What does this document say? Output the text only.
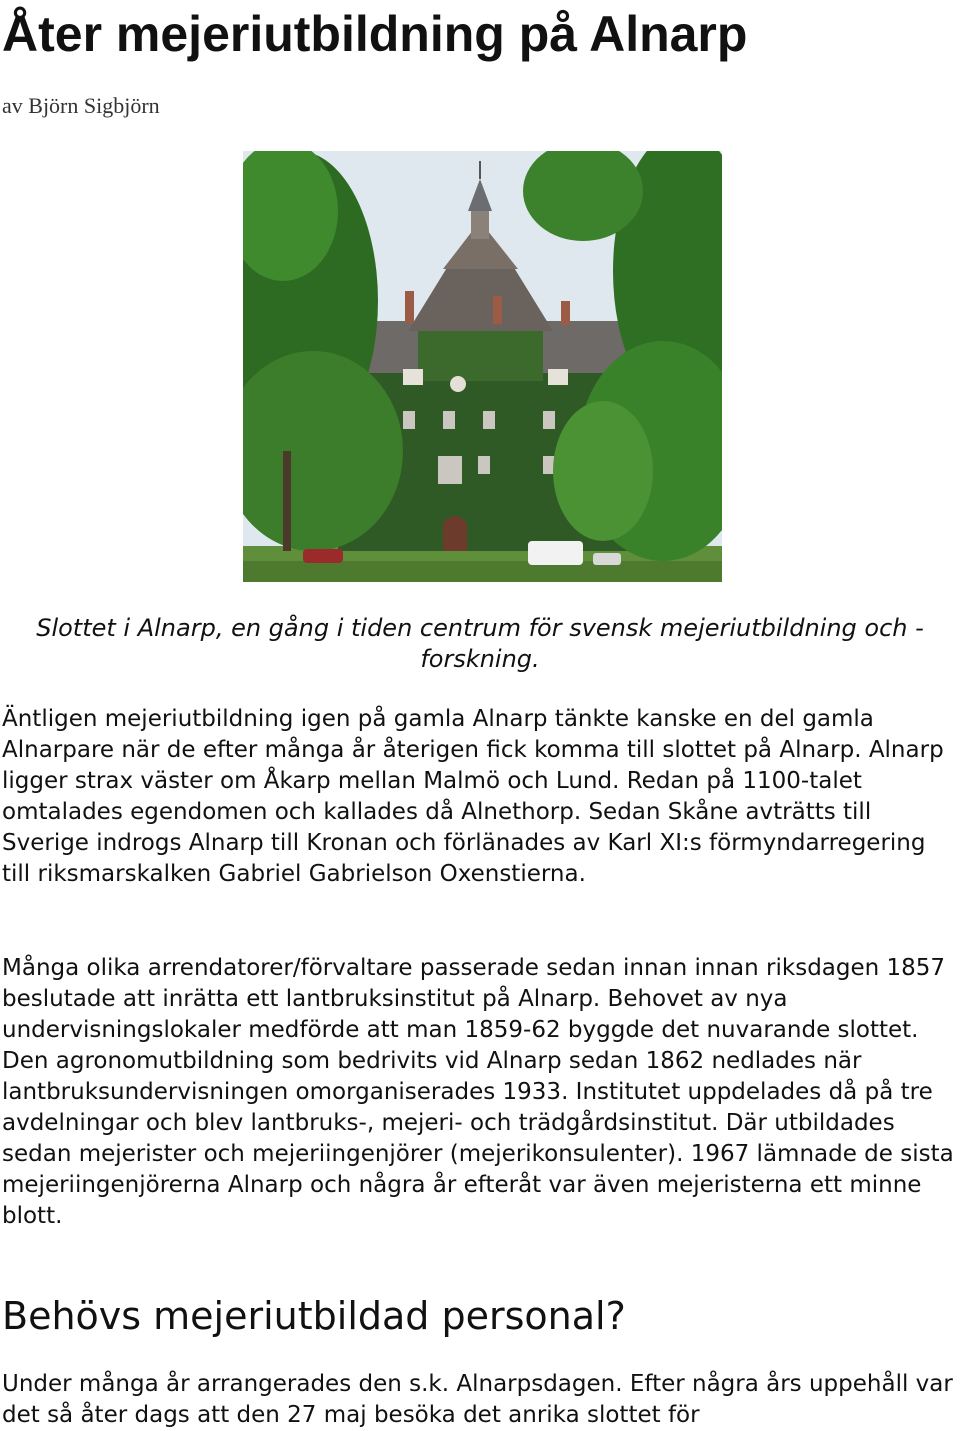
Åter mejeriutbildning på Alnarp

av Björn Sigbjörn

Slottet i Alnarp, en gång i tiden centrum för svensk mejeriutbildning och - forskning.

Äntligen mejeriutbildning igen på gamla Alnarp tänkte kanske en del gamla Alnarpare när de efter många år återigen fick komma till slottet på Alnarp. Alnarp ligger strax väster om Åkarp mellan Malmö och Lund. Redan på 1100-talet omtalades egendomen och kallades då Alnethorp. Sedan Skåne avträtts till Sverige indrogs Alnarp till Kronan och förlänades av Karl XI:s förmyndarregering till riksmarskalken Gabriel Gabrielson Oxenstierna.

Många olika arrendatorer/förvaltare passerade sedan innan innan riksdagen 1857 beslutade att inrätta ett lantbruksinstitut på Alnarp. Behovet av nya undervisningslokaler medförde att man 1859-62 byggde det nuvarande slottet. Den agronomutbildning som bedrivits vid Alnarp sedan 1862 nedlades när lantbruksundervisningen omorganiserades 1933. Institutet uppdelades då på tre avdelningar och blev lantbruks-, mejeri- och trädgårdsinstitut. Där utbildades sedan mejerister och mejeriingenjörer (mejerikonsulenter). 1967 lämnade de sista mejeriingenjörerna Alnarp och några år efteråt var även mejeristerna ett minne blott.

Behövs mejeriutbildad personal?

Under många år arrangerades den s.k. Alnarpsdagen. Efter några års uppehåll var det så åter dags att den 27 maj besöka det anrika slottet för
